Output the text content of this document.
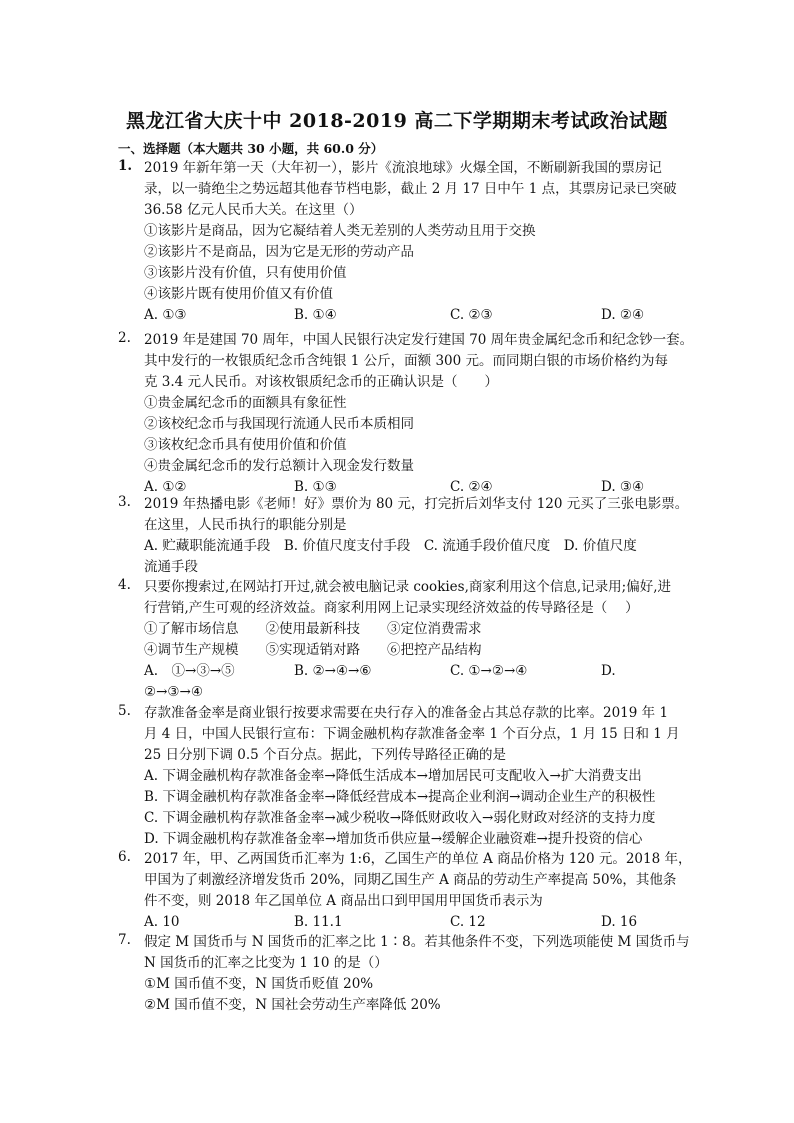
黑龙江省大庆十中 2018-2019 高二下学期期末考试政治试题
一、选择题（本大题共 30 小题，共 60.0 分）
1. 2019 年新年第一天（大年初一），影片《流浪地球》火爆全国，不断刷新我国的票房记
录，以一骑绝尘之势远超其他春节档电影，截止 2 月 17 日中午 1 点，其票房记录已突破
36.58 亿元人民币大关。在这里（）
①该影片是商品，因为它凝结着人类无差别的人类劳动且用于交换
②该影片不是商品，因为它是无形的劳动产品
③该影片没有价值，只有使用价值
④该影片既有使用价值又有价值
A. ①③	B. ①④	C. ②③	D. ②④
2. 2019 年是建国 70 周年，中国人民银行决定发行建国 70 周年贵金属纪念币和纪念钞一套。
其中发行的一枚银质纪念币含纯银 1 公斤，面额 300 元。而同期白银的市场价格约为每
克 3.4 元人民币。对该枚银质纪念币的正确认识是（　　）
①贵金属纪念币的面额具有象征性
②该校纪念币与我国现行流通人民币本质相同
③该枚纪念币具有使用价值和价值
④贵金属纪念币的发行总额计入现金发行数量
A. ①②	B. ①③	C. ②④	D. ③④
3. 2019 年热播电影《老师！好》票价为 80 元，打完折后刘华支付 120 元买了三张电影票。
在这里，人民币执行的职能分别是
A. 贮藏职能流通手段　B. 价值尺度支付手段　C. 流通手段价值尺度　D. 价值尺度
流通手段
4. 只要你搜索过,在网站打开过,就会被电脑记录 cookies,商家利用这个信息,记录用;偏好,进
行营销,产生可观的经济效益。商家利用网上记录实现经济效益的传导路径是（　 ）
①了解市场信息　　②使用最新科技　　③定位消费需求
④调节生产规模　　⑤实现适销对路　　⑥把控产品结构
A.　①→③→⑤	B. ②→④→⑥	C. ①→②→④	D.
②→③→④
5. 存款准备金率是商业银行按要求需要在央行存入的准备金占其总存款的比率。2019 年 1
月 4 日，中国人民银行宣布：下调金融机构存款准备金率 1 个百分点，1 月 15 日和 1 月
25 日分别下调 0.5 个百分点。据此，下列传导路径正确的是
A. 下调金融机构存款准备金率→降低生活成本→增加居民可支配收入→扩大消费支出
B. 下调金融机构存款准备金率→降低经营成本→提高企业利润→调动企业生产的积极性
C. 下调金融机构存款准备金率→减少税收→降低财政收入→弱化财政对经济的支持力度
D. 下调金融机构存款准备金率→增加货币供应量→缓解企业融资难→提升投资的信心
6. 2017 年，甲、乙两国货币汇率为 1:6，乙国生产的单位 A 商品价格为 120 元。2018 年，
甲国为了刺激经济增发货币 20%，同期乙国生产 A 商品的劳动生产率提高 50%，其他条
件不变，则 2018 年乙国单位 A 商品出口到甲国用甲国货币表示为
A. 10	B. 11.1	C. 12	D. 16
7. 假定 M 国货币与 N 国货币的汇率之比 1∶8。若其他条件不变，下列选项能使 M 国货币与
N 国货币的汇率之比变为 1 10 的是（）
①M 国币值不变，N 国货币贬值 20%
②M 国币值不变，N 国社会劳动生产率降低 20%
